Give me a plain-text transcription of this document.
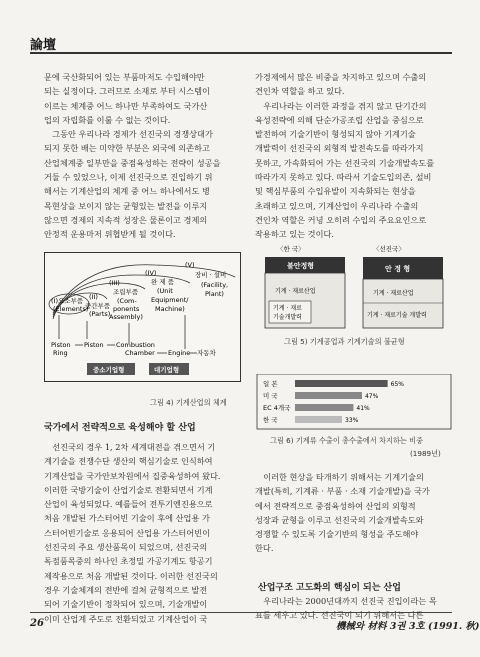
論壇

문에 국산화되어 있는 부품마저도 수입해야만

되는 실정이다. 그러므로 소재로 부터 시스템이

이르는 체계중 어느 하나만 부족하여도 국가산

업의 자립화를 이룰 수 없는 것이다.

　그동안 우리나라 경제가 선진국의 경쟁상대가

되지 못한 배는 미약한 부분은 외국에 의존하고

산업체계중 일부만을 중점육성하는 전략이 성공을

거둘 수 있었으나, 이제 선진국으로 진입하기 위

해서는 기계산업의 체계 중 어느 하나에서도 병

목현상을 보이지 않는 균형있는 발전을 이루지

않으면 경제의 지속적 성장은 물론이고 경제의

안정적 운용마저 위협받게 될 것이다.

(V)
장비 · 설비
(Facility,
Plant)
(IV)
완 제 품
(Unit
Equipment/
Machine)
(III)
조립부품
(Com-
ponents
Assembly)
(II)
중간부품
(Parts)
(I)요소부품
(Elements)
Piston
Ring
Piston Combustion
Chamber Engine 자동차
중소기업형	대기업형
그림 4) 기계산업의 체계
국가에서 전략적으로 육성해야 할 산업

　선진국의 경우 1, 2차 세계대전을 겪으면서 기

계기술을 전쟁수단 생산의 핵심기술로 인식하여

기계산업을 국가안보차원에서 집중육성하여 왔다.

이러한 국방기술이 산업기술로 전환되면서 기계

산업이 육성되었다. 예를들어 전투기엔진용으로

처음 개발된 가스터어빈 기술이 후에 산업용 가

스터어빈기술로 응용되어 산업용 가스터어빈이

선진국의 주요 생산품목이 되었으며, 선진국의

독점품목중의 하나인 초정밀 가공기계도 항공기

제작용으로 처음 개발된 것이다. 이러한 선진국의

경우 기술체계의 전반에 걸쳐 균형적으로 발전

되어 기술기반이 정착되어 있으며, 기술개발이

이미 산업계 주도로 전환되었고 기계산업이 국

가경제에서 많은 비중을 차지하고 있으며 수출의

견인차 역할을 하고 있다.

　우리나라는 이러한 과정을 겪지 않고 단기간의

육성전략에 의해 단순가공조립 산업을 중심으로

발전하여 기술기반이 형성되지 않아 기계기술

개발력이 선진국의 외형적 발전속도를 따라가지

못하고, 가속화되어 가는 선진국의 기술개발속도를

따라가지 못하고 있다. 따라서 기술도입의존, 설비

및 핵심부품의 수입유발이 지속화되는 현상을

초래하고 있으며, 기계산업이 우리나라 수출의

견인차 역할은 커녕 오히려 수입의 주요요인으로

작용하고 있는 것이다.

〈한 국〉	〈선진국〉
불안정형
기계 · 재료산업
기계 · 재료
기술개발력
안 정 형
기계 · 재료산업
기계 · 재료기술 개발력
그림 5) 기계공업과 기계기술의 불균형
일 본	65%
미 국	47%
EC 4개국	41%
한 국	33%
그림 6) 기계류 수출이 총수출에서 차지하는 비중
(1989년)

　이러한 현상을 타개하기 위해서는 기계기술의

개발(특히, 기계류 · 부품 · 소재 기술개발)을 국가

에서 전략적으로 중점육성하여 산업의 외형적

성장과 균형을 이루고 선진국의 기술개발속도와

경쟁할 수 있도록 기술기반의 형성을 주도해야

한다.

산업구조 고도화의 핵심이 되는 산업

　우리나라는 2000년대까지 선진국 진입이라는 목

표를 세우고 있다. 선진국이 되기 위해서는 다른

26	機械와 材料 3권 3호 (1991. 秋)
